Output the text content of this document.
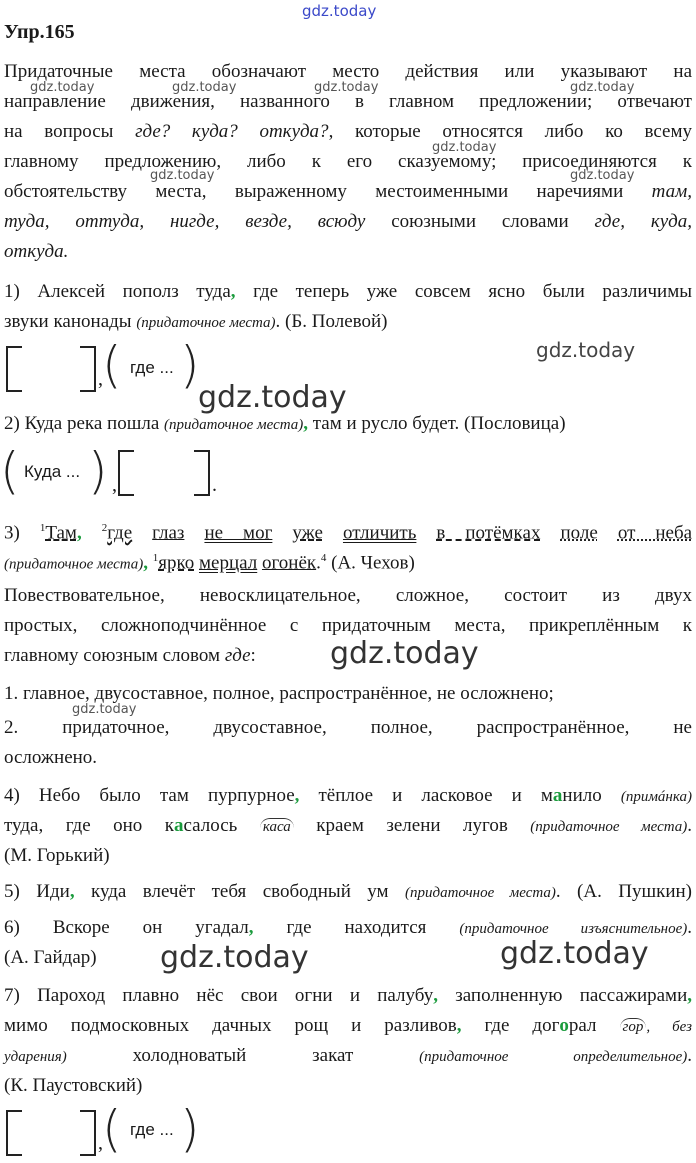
gdz.today
gdz.today	gdz.today	gdz.today	gdz.today
gdz.today
gdz.today	gdz.today
gdz.today
gdz.today
gdz.today
gdz.today
gdz.today	gdz.today
Упр.165
Придаточные места обозначают место действия или указывают на
направление движения, названного в главном предложении; отвечают
на вопросы где? куда? откуда?, которые относятся либо ко всему
главному предложению, либо к его сказуемому; присоединяются к
обстоятельству места, выраженному местоименными наречиями там,
туда, оттуда, нигде, везде, всюду союзными словами где, куда,
откуда.
1) Алексей пополз туда, где теперь уже совсем ясно были различимы
звуки канонады (придаточное места). (Б. Полевой)
, ( где ... )
2) Куда река пошла (придаточное места), там и русло будет. (Пословица)
( Куда ... ) ,	.
3) $^1$Там, $^2$где глаз не мог уже отличить в потёмках поле от неба
(придаточное места), $^1$ярко мерцал огонёк.$^4$ (А. Чехов)
Повествовательное, невосклицательное, сложное, состоит из двух
простых, сложноподчинённое с придаточным места, прикреплённым к
главному союзным словом где:
1. главное, двусоставное, полное, распространённое, не осложнено;
2. придаточное, двусоставное, полное, распространённое, не
осложнено.
4) Небо было там пурпурное, тёплое и ласковое и манило (примáнка)
туда, где оно касалось каса краем зелени лугов (придаточное места).
(М. Горький)
5) Иди, куда влечёт тебя свободный ум (придаточное места). (А. Пушкин)
6) Вскоре он угадал, где находится (придаточное изъяснительное).
(А. Гайдар)
7) Пароход плавно нёс свои огни и палубу, заполненную пассажирами,
мимо подмосковных дачных рощ и разливов, где догорал гор , без
ударения) холодноватый закат (придаточное определительное).
(К. Паустовский)
, ( где ... )
